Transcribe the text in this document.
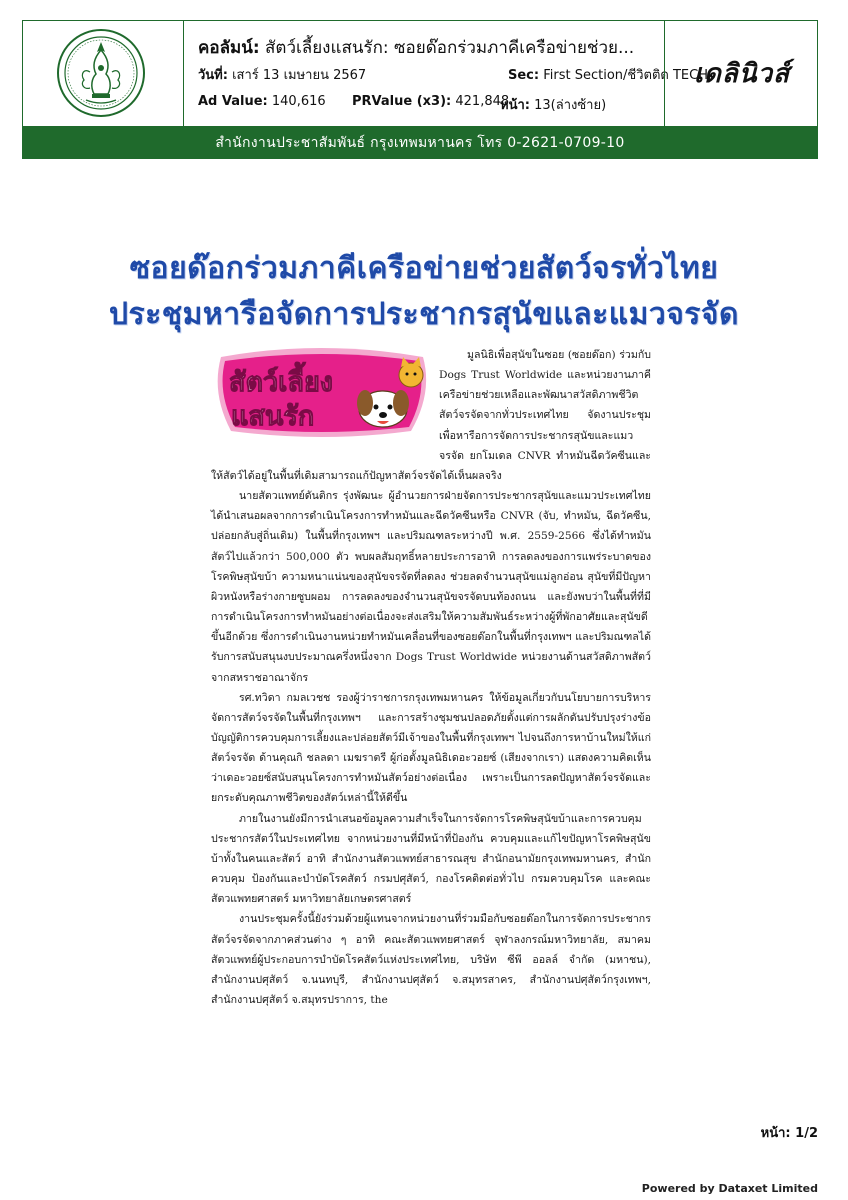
คอลัมน์: สัตว์เลี้ยงแสนรัก: ซอยด๊อกร่วมภาคีเครือข่ายช่วย...
วันที่: เสาร์ 13 เมษายน 2567	Sec: First Section/ชีวิตติด TECH
Ad Value: 140,616 PRValue (x3): 421,848
หน้า: 13(ล่างซ้าย)
เดลินิวส์
สำนักงานประชาสัมพันธ์ กรุงเทพมหานคร โทร 0-2621-0709-10
ซอยด๊อกร่วมภาคีเครือข่ายช่วยสัตว์จรทั่วไทย
ประชุมหารือจัดการประชากรสุนัขและแมวจรจัด
สัตว์เลี้ยง
แสนรัก

มูลนิธิเพื่อสุนัขในซอย (ซอยด๊อก) ร่วมกับ Dogs Trust Worldwide และหน่วยงานภาคีเครือข่ายช่วยเหลือและพัฒนาสวัสดิภาพชีวิตสัตว์จรจัดจากทั่วประเทศไทย จัดงานประชุมเพื่อหารือการจัดการประชากรสุนัขและแมวจรจัด ยกโมเดล CNVR ทำหมันฉีดวัคซีนและให้สัตว์ได้อยู่ในพื้นที่เดิมสามารถแก้ปัญหาสัตว์จรจัดได้เห็นผลจริง

นายสัตวแพทย์ดันติกร รุ่งพัฒนะ ผู้อำนวยการฝ่ายจัดการประชากรสุนัขและแมวประเทศไทย ได้นำเสนอผลจากการดำเนินโครงการทำหมันและฉีดวัคซีนหรือ CNVR (จับ, ทำหมัน, ฉีดวัคซีน, ปล่อยกลับสู่ถิ่นเดิม) ในพื้นที่กรุงเทพฯ และปริมณฑลระหว่างปี พ.ศ. 2559-2566 ซึ่งได้ทำหมันสัตว์ไปแล้วกว่า 500,000 ตัว พบผลสัมฤทธิ์หลายประการอาทิ การลดลงของการแพร่ระบาดของโรคพิษสุนัขบ้า ความหนาแน่นของสุนัขจรจัดที่ลดลง ช่วยลดจำนวนสุนัขแม่ลูกอ่อน สุนัขที่มีปัญหาผิวหนังหรือร่างกายซูบผอม การลดลงของจำนวนสุนัขจรจัดบนท้องถนน และยังพบว่าในพื้นที่ที่มีการดำเนินโครงการทำหมันอย่างต่อเนื่องจะส่งเสริมให้ความสัมพันธ์ระหว่างผู้ที่พักอาศัยและสุนัขดีขึ้นอีกด้วย ซึ่งการดำเนินงานหน่วยทำหมันเคลื่อนที่ของซอยด๊อกในพื้นที่กรุงเทพฯ และปริมณฑลได้รับการสนับสนุนงบประมาณครึ่งหนึ่งจาก Dogs Trust Worldwide หน่วยงานด้านสวัสดิภาพสัตว์จากสหราชอาณาจักร

รศ.ทวิดา กมลเวชช รองผู้ว่าราชการกรุงเทพมหานคร ให้ข้อมูลเกี่ยวกับนโยบายการบริหารจัดการสัตว์จรจัดในพื้นที่กรุงเทพฯ และการสร้างชุมชนปลอดภัยตั้งแต่การผลักดันปรับปรุงร่างข้อบัญญัติการควบคุมการเลี้ยงและปล่อยสัตว์มีเจ้าของในพื้นที่กรุงเทพฯ ไปจนถึงการหาบ้านใหม่ให้แก่สัตว์จรจัด ด้านคุณกิ ชลลดา เมฆราตรี ผู้ก่อตั้งมูลนิธิเดอะวอยซ์ (เสียงจากเรา) แสดงความคิดเห็นว่าเดอะวอยซ์สนับสนุนโครงการทำหมันสัตว์อย่างต่อเนื่อง เพราะเป็นการลดปัญหาสัตว์จรจัดและยกระดับคุณภาพชีวิตของสัตว์เหล่านี้ให้ดีขึ้น

ภายในงานยังมีการนำเสนอข้อมูลความสำเร็จในการจัดการโรคพิษสุนัขบ้าและการควบคุมประชากรสัตว์ในประเทศไทย จากหน่วยงานที่มีหน้าที่ป้องกัน ควบคุมและแก้ไขปัญหาโรคพิษสุนัขบ้าทั้งในคนและสัตว์ อาทิ สำนักงานสัตวแพทย์สาธารณสุข สำนักอนามัยกรุงเทพมหานคร, สำนักควบคุม ป้องกันและบำบัดโรคสัตว์ กรมปศุสัตว์, กองโรคติดต่อทั่วไป กรมควบคุมโรค และคณะสัตวแพทยศาสตร์ มหาวิทยาลัยเกษตรศาสตร์

งานประชุมครั้งนี้ยังร่วมด้วยผู้แทนจากหน่วยงานที่ร่วมมือกับซอยด๊อกในการจัดการประชากรสัตว์จรจัดจากภาคส่วนต่าง ๆ อาทิ คณะสัตวแพทยศาสตร์ จุฬาลงกรณ์มหาวิทยาลัย, สมาคมสัตวแพทย์ผู้ประกอบการบำบัดโรคสัตว์แห่งประเทศไทย, บริษัท ซีพี ออลล์ จำกัด (มหาชน), สำนักงานปศุสัตว์ จ.นนทบุรี, สำนักงานปศุสัตว์ จ.สมุทรสาคร, สำนักงานปศุสัตว์กรุงเทพฯ, สำนักงานปศุสัตว์ จ.สมุทรปราการ, the

หน้า: 1/2
Powered by Dataxet Limited
